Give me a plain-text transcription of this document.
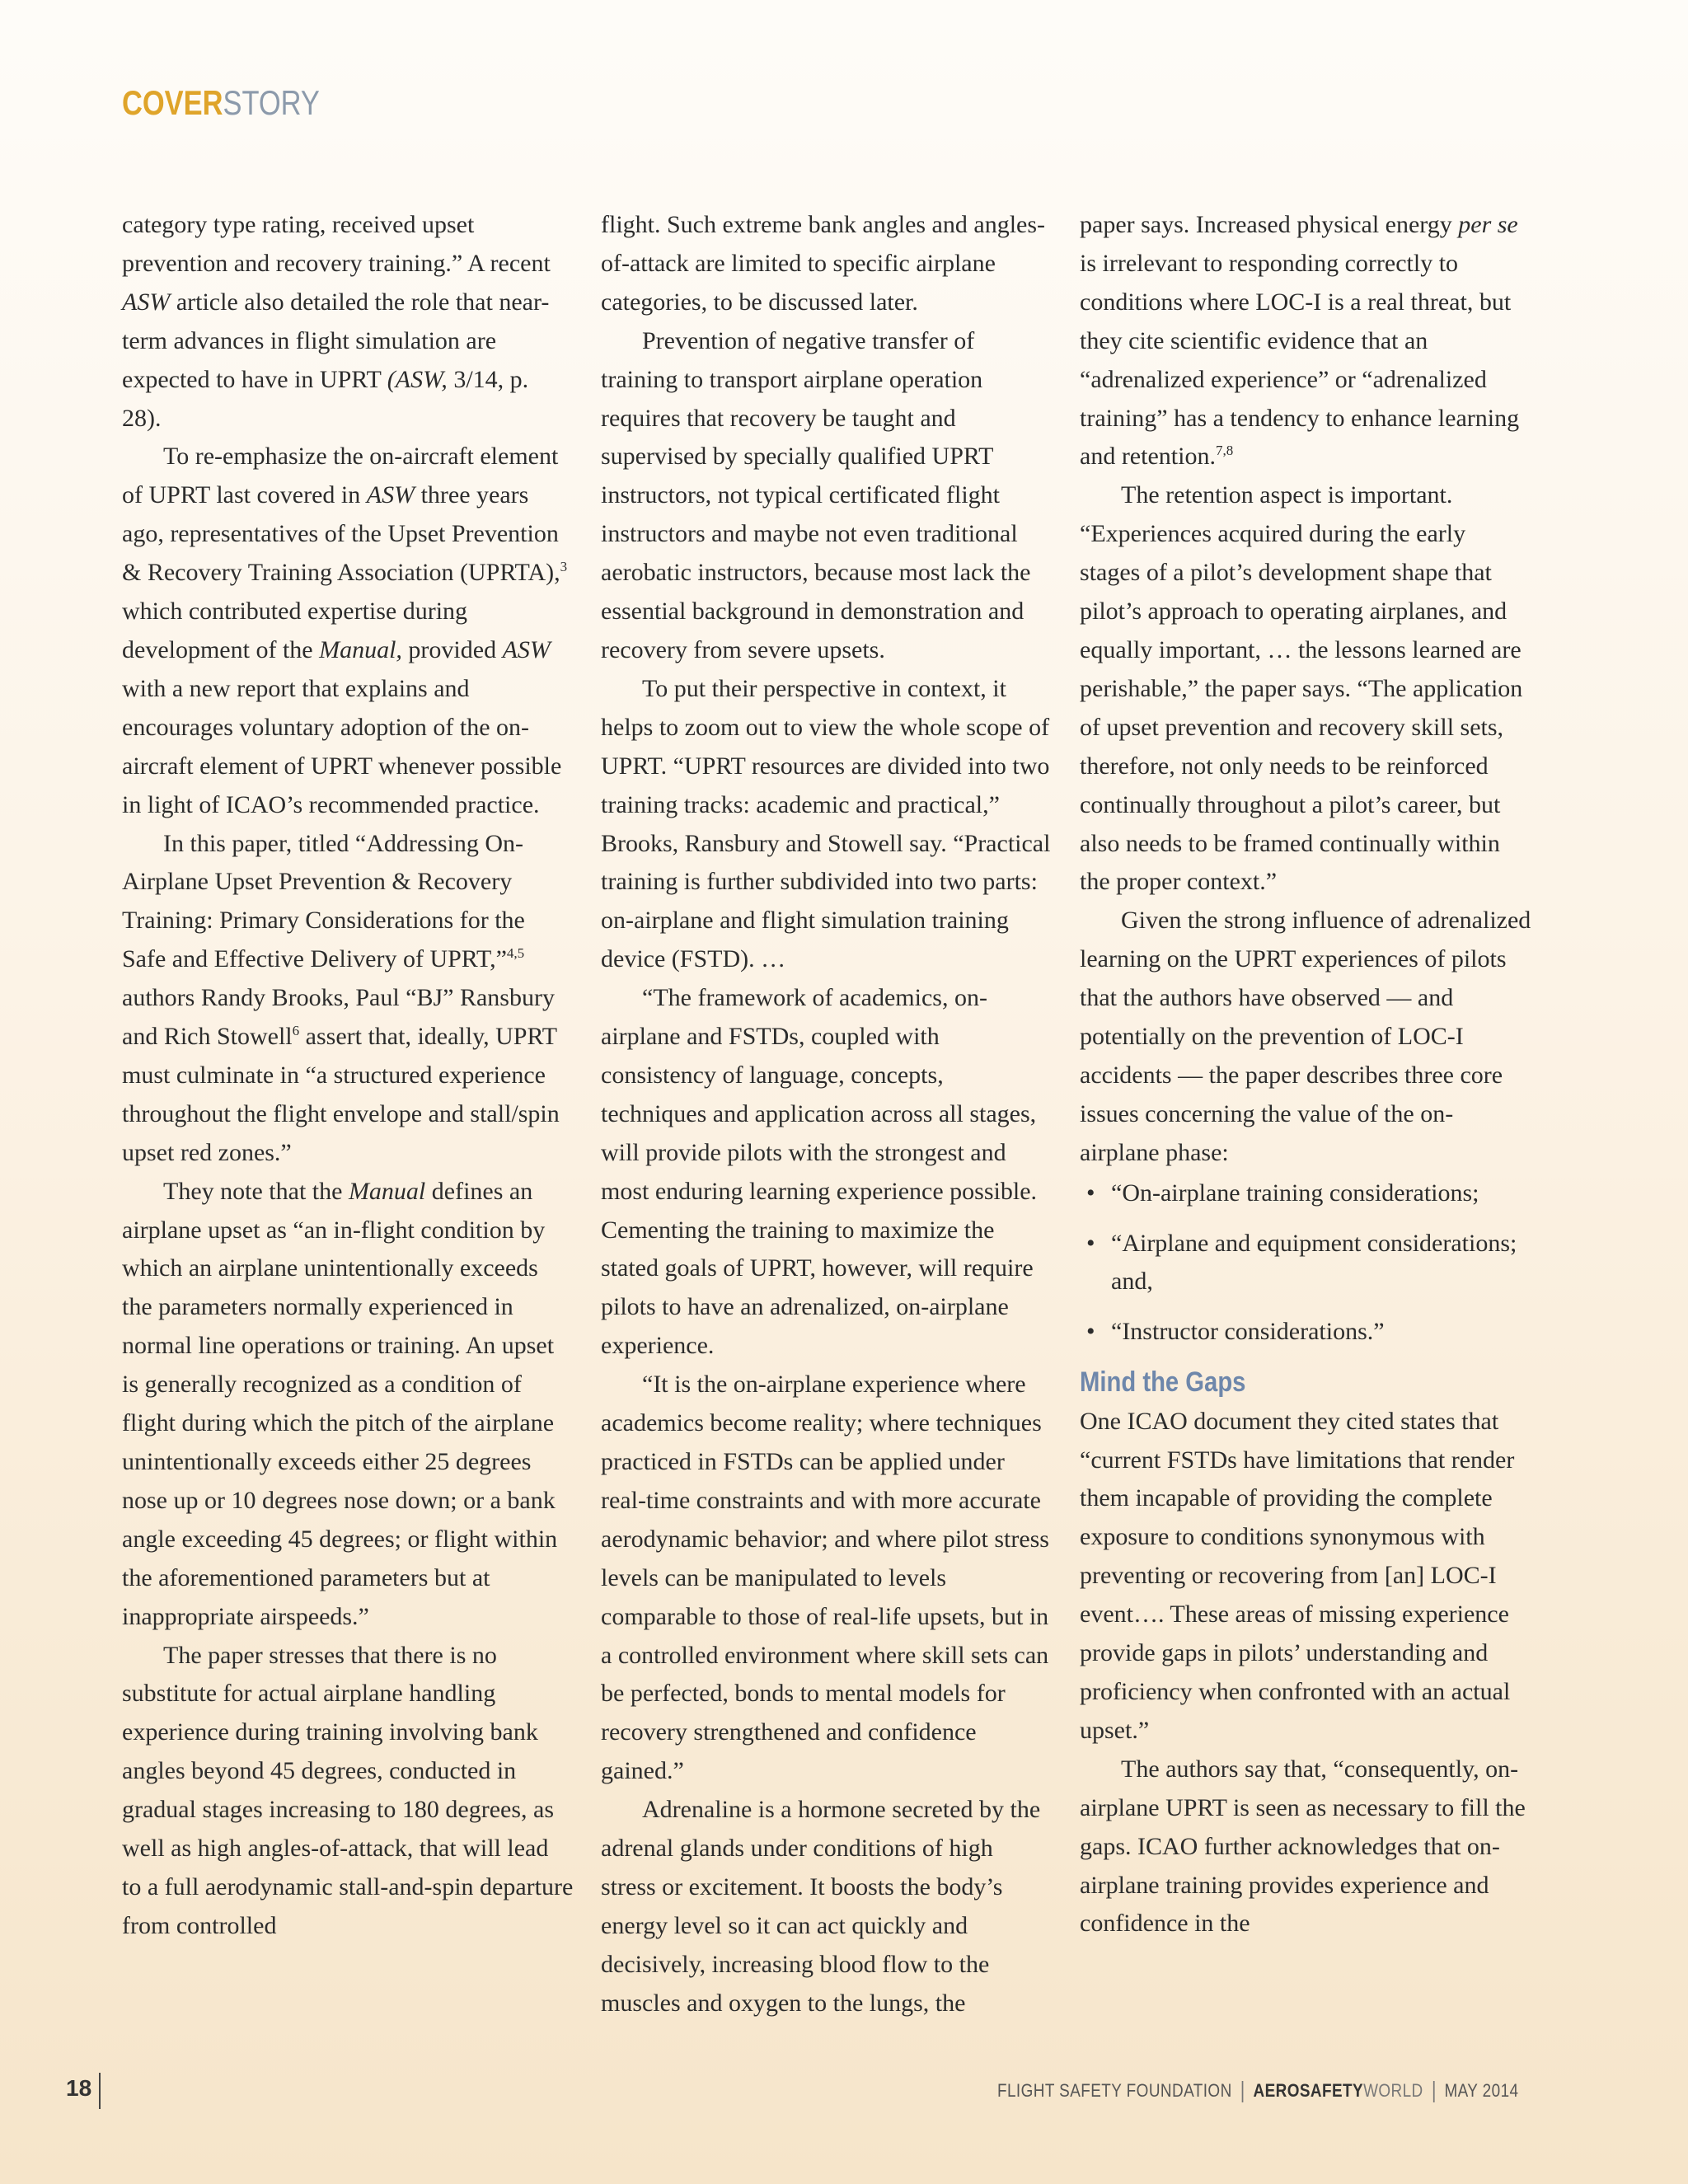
COVERSTORY

category type rating, received upset prevention and recovery training.” A recent ASW article also detailed the role that near-term advances in flight simulation are expected to have in UPRT (ASW, 3/14, p. 28).

To re-emphasize the on-aircraft element of UPRT last covered in ASW three years ago, representatives of the Upset Prevention & Recovery Training Association (UPRTA),$^3$ which contributed expertise during development of the Manual, provided ASW with a new report that explains and encourages voluntary adoption of the on-aircraft element of UPRT whenever possible in light of ICAO’s recommended practice.

In this paper, titled “Addressing On-Airplane Upset Prevention & Recovery Training: Primary Considerations for the Safe and Effective Delivery of UPRT,”$^{4,5}$ authors Randy Brooks, Paul “BJ” Ransbury and Rich Stowell$^6$ assert that, ideally, UPRT must culminate in “a structured experience throughout the flight envelope and stall/spin upset red zones.”

They note that the Manual defines an airplane upset as “an in-flight condition by which an airplane unintentionally exceeds the parameters normally experienced in normal line operations or training. An upset is generally recognized as a condition of flight during which the pitch of the airplane unintentionally exceeds either 25 degrees nose up or 10 degrees nose down; or a bank angle exceeding 45 degrees; or flight within the aforementioned parameters but at inappropriate airspeeds.”

The paper stresses that there is no substitute for actual airplane handling experience during training involving bank angles beyond 45 degrees, conducted in gradual stages increasing to 180 degrees, as well as high angles-of-attack, that will lead to a full aerodynamic stall-and-spin departure from controlled

flight. Such extreme bank angles and angles-of-attack are limited to specific airplane categories, to be discussed later.

Prevention of negative transfer of training to transport airplane operation requires that recovery be taught and supervised by specially qualified UPRT instructors, not typical certificated flight instructors and maybe not even traditional aerobatic instructors, because most lack the essential background in demonstration and recovery from severe upsets.

To put their perspective in context, it helps to zoom out to view the whole scope of UPRT. “UPRT resources are divided into two training tracks: academic and practical,” Brooks, Ransbury and Stowell say. “Practical training is further subdivided into two parts: on-airplane and flight simulation training device (FSTD). …

“The framework of academics, on-airplane and FSTDs, coupled with consistency of language, concepts, techniques and application across all stages, will provide pilots with the strongest and most enduring learning experience possible. Cementing the training to maximize the stated goals of UPRT, however, will require pilots to have an adrenalized, on-airplane experience.

“It is the on-airplane experience where academics become reality; where techniques practiced in FSTDs can be applied under real-time constraints and with more accurate aerodynamic behavior; and where pilot stress levels can be manipulated to levels comparable to those of real-life upsets, but in a controlled environment where skill sets can be perfected, bonds to mental models for recovery strengthened and confidence gained.”

Adrenaline is a hormone secreted by the adrenal glands under conditions of high stress or excitement. It boosts the body’s energy level so it can act quickly and decisively, increasing blood flow to the muscles and oxygen to the lungs, the

paper says. Increased physical energy per se is irrelevant to responding correctly to conditions where LOC-I is a real threat, but they cite scientific evidence that an “adrenalized experience” or “adrenalized training” has a tendency to enhance learning and retention.$^{7,8}$

The retention aspect is important. “Experiences acquired during the early stages of a pilot’s development shape that pilot’s approach to operating airplanes, and equally important, … the lessons learned are perishable,” the paper says. “The application of upset prevention and recovery skill sets, therefore, not only needs to be reinforced continually throughout a pilot’s career, but also needs to be framed continually within the proper context.”

Given the strong influence of adrenalized learning on the UPRT experiences of pilots that the authors have observed — and potentially on the prevention of LOC-I accidents — the paper describes three core issues concerning the value of the on-airplane phase:

• “On-airplane training considerations;
• “Airplane and equipment considerations; and,
• “Instructor considerations.”
Mind the Gaps

One ICAO document they cited states that “current FSTDs have limitations that render them incapable of providing the complete exposure to conditions synonymous with preventing or recovering from [an] LOC-I event…. These areas of missing experience provide gaps in pilots’ understanding and proficiency when confronted with an actual upset.”

The authors say that, “consequently, on-airplane UPRT is seen as necessary to fill the gaps. ICAO further acknowledges that on-airplane training provides experience and confidence in the

18	FLIGHT SAFETY FOUNDATION AEROSAFETYWORLD MAY 2014
